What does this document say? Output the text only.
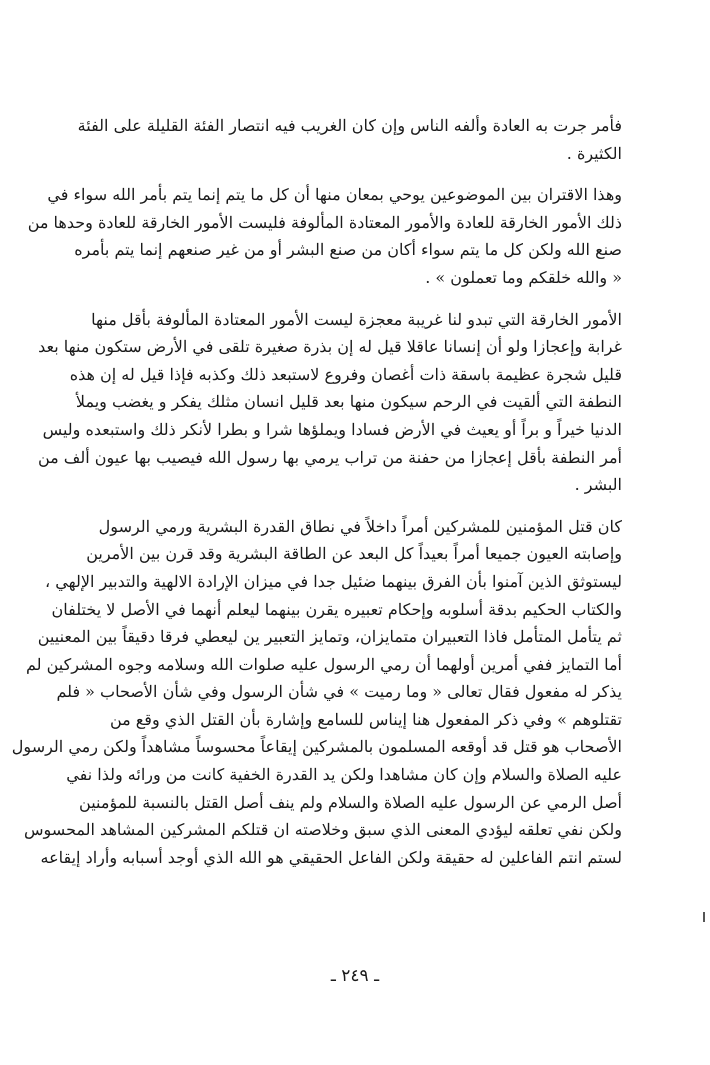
فأمر جرت به العادة وألفه الناس وإن كان الغريب فيه انتصار الفئة القليلة على الفئة
الكثيرة .

وهذا الاقتران بين الموضوعين يوحي بمعان منها أن كل ما يتم إنما يتم بأمر الله سواء في
ذلك الأمور الخارقة للعادة والأمور المعتادة المألوفة فليست الأمور الخارقة للعادة وحدها من
صنع الله ولكن كل ما يتم سواء أكان من صنع البشر أو من غير صنعهم إنما يتم بأمره
« والله خلقكم وما تعملون » .

الأمور الخارقة التي تبدو لنا غريبة معجزة ليست الأمور المعتادة المألوفة بأقل منها
غرابة وإعجازا ولو أن إنسانا عاقلا قيل له إن بذرة صغيرة تلقى في الأرض ستكون منها بعد
قليل شجرة عظيمة باسقة ذات أغصان وفروع لاستبعد ذلك وكذبه فإذا قيل له إن هذه
النطفة التي ألقيت في الرحم سيكون منها بعد قليل انسان مثلك يفكر و يغضب ويملأ
الدنيا خيراً و براً أو يعيث في الأرض فسادا ويملؤها شرا و بطرا لأنكر ذلك واستبعده وليس
أمر النطفة بأقل إعجازا من حفنة من تراب يرمي بها رسول الله فيصيب بها عيون ألف من
البشر .

كان قتل المؤمنين للمشركين أمراً داخلاً في نطاق القدرة البشرية ورمي الرسول
وإصابته العيون جميعا أمراً بعيداً كل البعد عن الطاقة البشرية وقد قرن بين الأمرين
ليستوثق الذين آمنوا بأن الفرق بينهما ضئيل جدا في ميزان الإرادة الالهية والتدبير الإلهي ،
والكتاب الحكيم بدقة أسلوبه وإحكام تعبيره يقرن بينهما ليعلم أنهما في الأصل لا يختلفان
ثم يتأمل المتأمل فاذا التعبيران متمايزان، وتمايز التعبير ين ليعطي فرقا دقيقاً بين المعنيين
أما التمايز ففي أمرين أولهما أن رمي الرسول عليه صلوات الله وسلامه وجوه المشركين لم
يذكر له مفعول فقال تعالى « وما رميت » في شأن الرسول وفي شأن الأصحاب « فلم
تقتلوهم » وفي ذكر المفعول هنا إيناس للسامع وإشارة بأن القتل الذي وقع من
الأصحاب هو قتل قد أوقعه المسلمون بالمشركين إيقاعاً محسوساً مشاهداً ولكن رمي الرسول
عليه الصلاة والسلام وإن كان مشاهدا ولكن يد القدرة الخفية كانت من ورائه ولذا نفي
أصل الرمي عن الرسول عليه الصلاة والسلام ولم ينف أصل القتل بالنسبة للمؤمنين
ولكن نفي تعلقه ليؤدي المعنى الذي سبق وخلاصته ان قتلكم المشركين المشاهد المحسوس
لستم انتم الفاعلين له حقيقة ولكن الفاعل الحقيقي هو الله الذي أوجد أسبابه وأراد إيقاعه

ـ ٢٤٩ ـ
